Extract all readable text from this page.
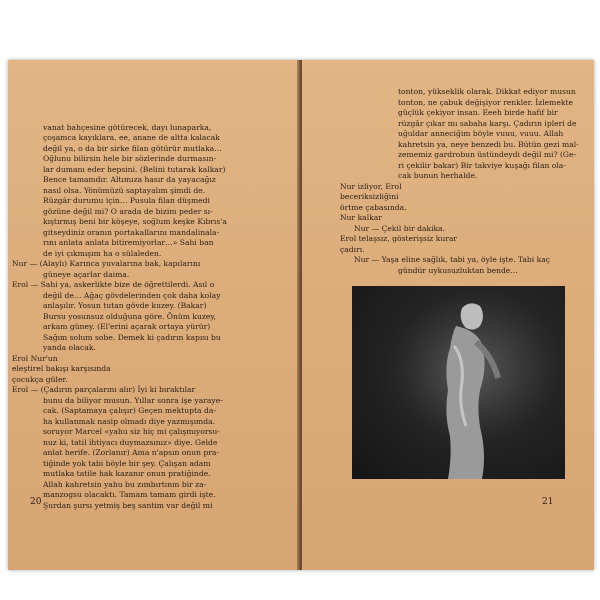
vanat bahçesine götürecek, dayı lunaparka,
çoşamca kayıklara, ee, anane de altta kalacak
değil ya, o da bir sirke filan götürür mutlaka…
Oğlunu bilirsin hele bir sözlerinde durmasın-
lar dumanı eder hepsini. (Belini tutarak kalkar)
Bence tamamdır. Altımıza hasır da yayacağız
nasıl olsa. Yönümüzü saptayalım şimdi de.
Rüzgâr durumu için… Pusula filan düşmedi
gözüne değil mi? O arada de bizim peder sı-
kıştırmış beni bir köşeye, soğlum keşke Kıbrıs'a
gitseydiniz oranın portakallarını mandalinala-
rını anlata anlata bitiremiyorlar…» Sahi ban
de iyi çıkmışım ha o sülaleden.
Nur — (Alaylı) Karınca yuvalarına bak, kapılarını
güneye açarlar daima.
Erol — Sahi ya, askerlikte bize de öğrettilerdi. Asıl o
değil de… Ağaç gövdelerinden çok daha kolay
anlaşılır. Yosun tutan gövde kuzey. (Bakar)
Bursu yosunsuz olduğuna göre. Önüm kuzey,
arkam güney. (El'erini açarak ortaya yürür)
Sağım solum sobe. Demek ki çadırın kapısı bu
yanda olacak.
Erol Nur'un
eleştirel bakışı karşısında
çocukça güler.
Erol — (Çadırın parçalarını alır) İyi ki bıraktılar
bunu da biliyor musun. Yıllar sonra işe yaraye-
cak. (Saptamaya çalışır) Geçen mektupta da-
ha kullanmak nasip olmadı diye yazmışımda.
soruyor Marcel «yahu siz hiç mi çalışmıyorsu-
nuz ki, tatil ihtiyacı duymazsınız» diye. Gelde
anlat herife. (Zorlanır) Ama n'apsın onun pra-
tiğinde yok tabi böyle bir şey. Çalışan adam
mutlaka tatile hak kazanır onun pratiğinde.
Allah kahretsin yahu bu zımbırtının bir za-
manzogsu olacaktı. Tamam tamam girdi işte.
Şurdan şursı yetmiş beş santim var değil mi
20
tonton, yükseklik olarak. Dikkat ediyor musun
tonton, ne çabuk değişiyor renkler. İzlemekte
güçlük çekiyor insan. Eeeh birde hafif bir
rüzgâr çıkar mı sabaha karşı. Çadırın ipleri de
uğuldar anneciğim böyle vuuu, vuuu. Allah
kahretsin ya, neye benzedi bu. Bütün gezi mal-
zememiz gardrobun üstündeydi değil mi? (Ge-
ri çekilir bakar) Bir takviye kuşağı filan ola-
cak bunun herhalde.
Nur izliyor, Erol
beceriksizliğini
örtme çabasında.
Nur kalkar
Nur — Çekil bir dakika.
Erol telaşsız, gösterişsiz kurar
çadırı.
Nur — Yaşa eline sağlık, tabi ya, öyle işte. Tabi kaç
gündür uykusuzluktan bende…
21
